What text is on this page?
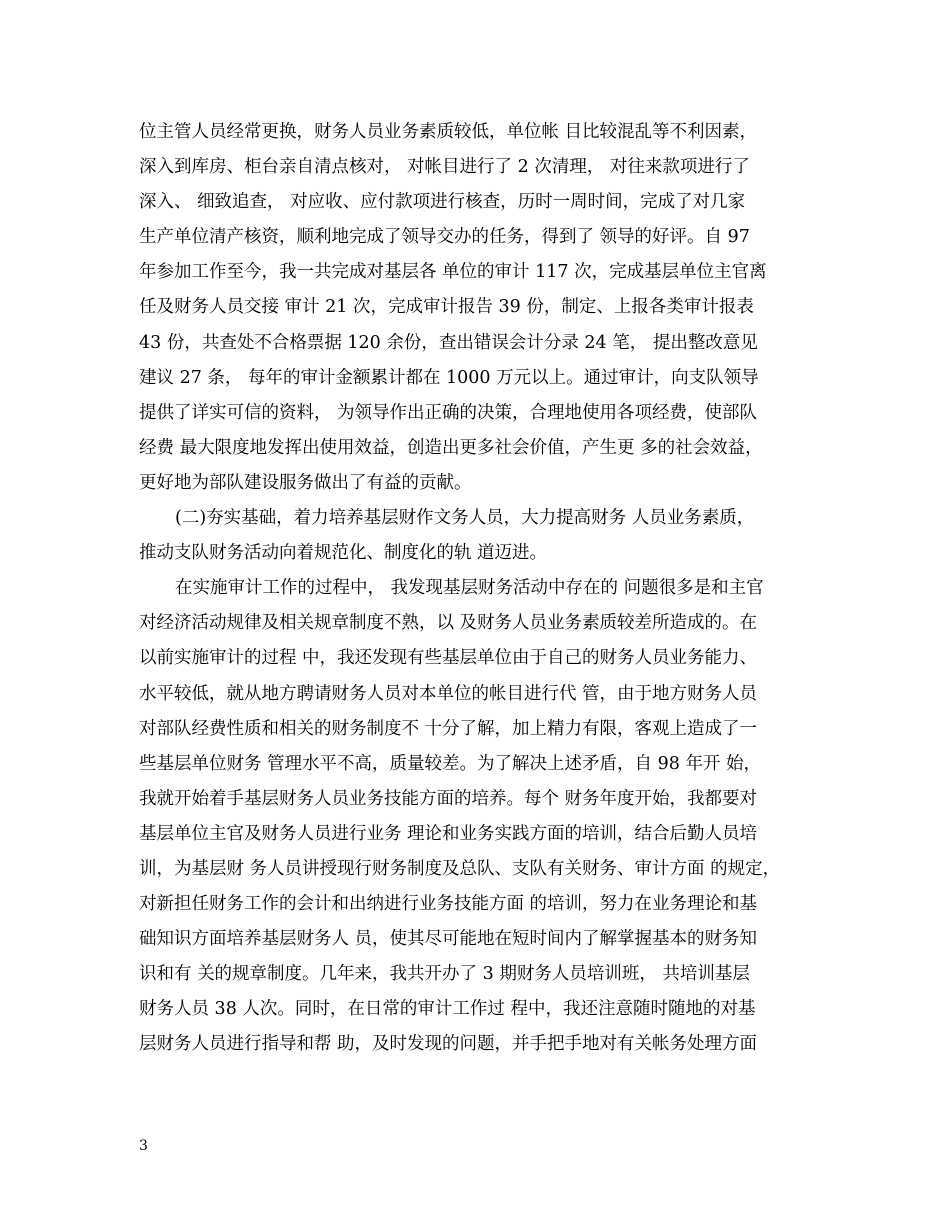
位主管人员经常更换，财务人员业务素质较低，单位帐 目比较混乱等不利因素，
深入到库房、柜台亲自清点核对， 对帐目进行了 2 次清理， 对往来款项进行了
深入、 细致追查， 对应收、应付款项进行核查，历时一周时间，完成了对几家
生产单位清产核资，顺利地完成了领导交办的任务，得到了 领导的好评。自 97
年参加工作至今，我一共完成对基层各 单位的审计 117 次，完成基层单位主官离
任及财务人员交接 审计 21 次，完成审计报告 39 份，制定、上报各类审计报表
43 份，共查处不合格票据 120 余份，查出错误会计分录 24 笔， 提出整改意见
建议 27 条， 每年的审计金额累计都在 1000 万元以上。通过审计，向支队领导
提供了详实可信的资料， 为领导作出正确的决策，合理地使用各项经费，使部队
经费 最大限度地发挥出使用效益，创造出更多社会价值，产生更 多的社会效益，
更好地为部队建设服务做出了有益的贡献。
(二)夯实基础，着力培养基层财作文务人员，大力提高财务 人员业务素质，
推动支队财务活动向着规范化、制度化的轨 道迈进。
在实施审计工作的过程中， 我发现基层财务活动中存在的 问题很多是和主官
对经济活动规律及相关规章制度不熟，以 及财务人员业务素质较差所造成的。在
以前实施审计的过程 中，我还发现有些基层单位由于自己的财务人员业务能力、
水平较低，就从地方聘请财务人员对本单位的帐目进行代 管，由于地方财务人员
对部队经费性质和相关的财务制度不 十分了解，加上精力有限，客观上造成了一
些基层单位财务 管理水平不高，质量较差。为了解决上述矛盾，自 98 年开 始，
我就开始着手基层财务人员业务技能方面的培养。每个 财务年度开始，我都要对
基层单位主官及财务人员进行业务 理论和业务实践方面的培训，结合后勤人员培
训，为基层财 务人员讲授现行财务制度及总队、支队有关财务、审计方面 的规定，
对新担任财务工作的会计和出纳进行业务技能方面 的培训，努力在业务理论和基
础知识方面培养基层财务人 员，使其尽可能地在短时间内了解掌握基本的财务知
识和有 关的规章制度。几年来，我共开办了 3 期财务人员培训班， 共培训基层
财务人员 38 人次。同时，在日常的审计工作过 程中，我还注意随时随地的对基
层财务人员进行指导和帮 助，及时发现的问题，并手把手地对有关帐务处理方面
3
